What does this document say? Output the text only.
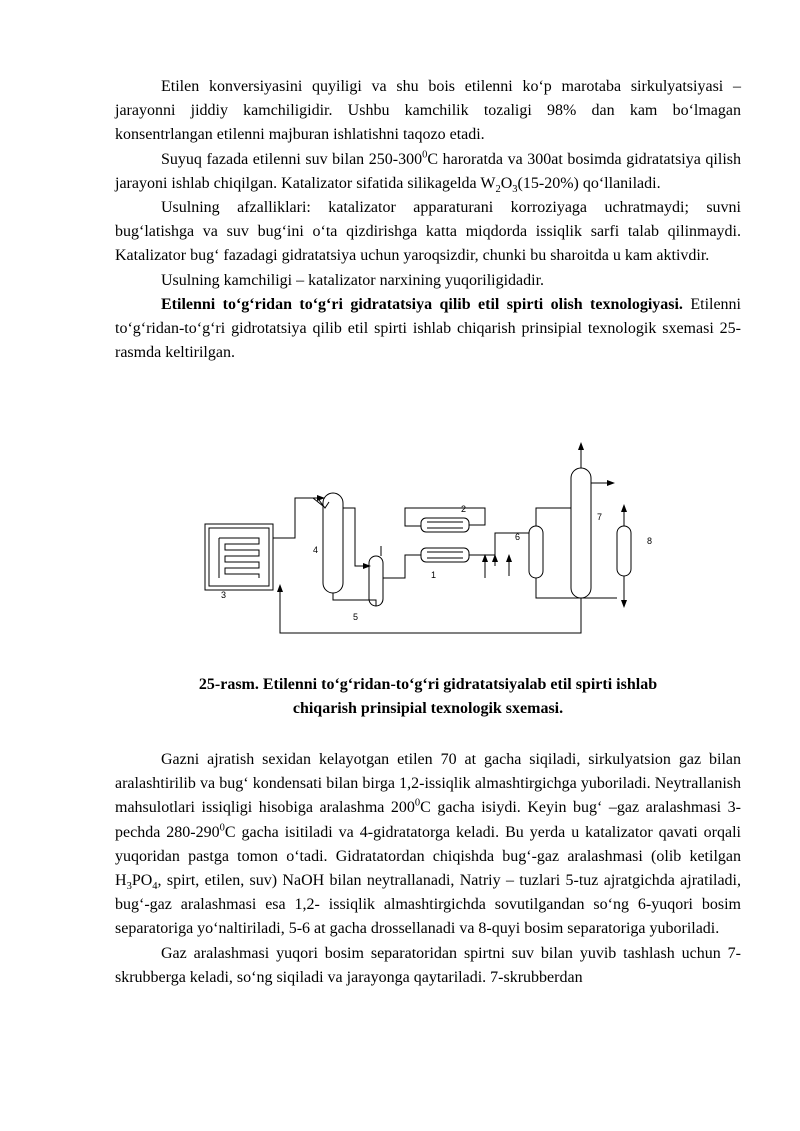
Etilen konversiyasini quyiligi va shu bois etilenni ko‘p marotaba sirkulyatsiyasi – jarayonni jiddiy kamchiligidir. Ushbu kamchilik tozaligi 98% dan kam bo‘lmagan konsentrlangan etilenni majburan ishlatishni taqozo etadi.

Suyuq fazada etilenni suv bilan $250-300^0C$ haroratda va 300at bosimda gidratatsiya qilish jarayoni ishlab chiqilgan. Katalizator sifatida silikagelda $W_2O_3(15-20\%)$ qo‘llaniladi.

Usulning afzalliklari: katalizator apparaturani korroziyaga uchratmaydi; suvni bug‘latishga va suv bug‘ini o‘ta qizdirishga katta miqdorda issiqlik sarfi talab qilinmaydi. Katalizator bug‘ fazadagi gidratatsiya uchun yaroqsizdir, chunki bu sharoitda u kam aktivdir.

Usulning kamchiligi – katalizator narxining yuqoriligidadir.

Etilenni to‘g‘ridan to‘g‘ri gidratatsiya qilib etil spirti olish texnologiyasi. Etilenni to‘g‘ridan-to‘g‘ri gidrotatsiya qilib etil spirti ishlab chiqarish prinsipial texnologik sxemasi 25-rasmda keltirilgan.

1
2
3
4
5
6
7
8

25-rasm. Etilenni to‘g‘ridan-to‘g‘ri gidratatsiyalab etil spirti ishlab
chiqarish prinsipial texnologik sxemasi.

Gazni ajratish sexidan kelayotgan etilen 70 at gacha siqiladi, sirkulyatsion gaz bilan aralashtirilib va bug‘ kondensati bilan birga 1,2-issiqlik almashtirgichga yuboriladi. Neytrallanish mahsulotlari issiqligi hisobiga aralashma $200^0C$ gacha isiydi. Keyin bug‘ –gaz aralashmasi 3-pechda $280-290^0C$ gacha isitiladi va 4-gidratatorga keladi. Bu yerda u katalizator qavati orqali yuqoridan pastga tomon o‘tadi. Gidratatordan chiqishda bug‘-gaz aralashmasi (olib ketilgan $H_3PO_4$, spirt, etilen, suv) NaOH bilan neytrallanadi, Natriy – tuzlari 5-tuz ajratgichda ajratiladi, bug‘-gaz aralashmasi esa 1,2- issiqlik almashtirgichda sovutilgandan so‘ng 6-yuqori bosim separatoriga yo‘naltiriladi, 5-6 at gacha drossellanadi va 8-quyi bosim separatoriga yuboriladi.

Gaz aralashmasi yuqori bosim separatoridan spirtni suv bilan yuvib tashlash uchun 7-skrubberga keladi, so‘ng siqiladi va jarayonga qaytariladi. 7-skrubberdan
